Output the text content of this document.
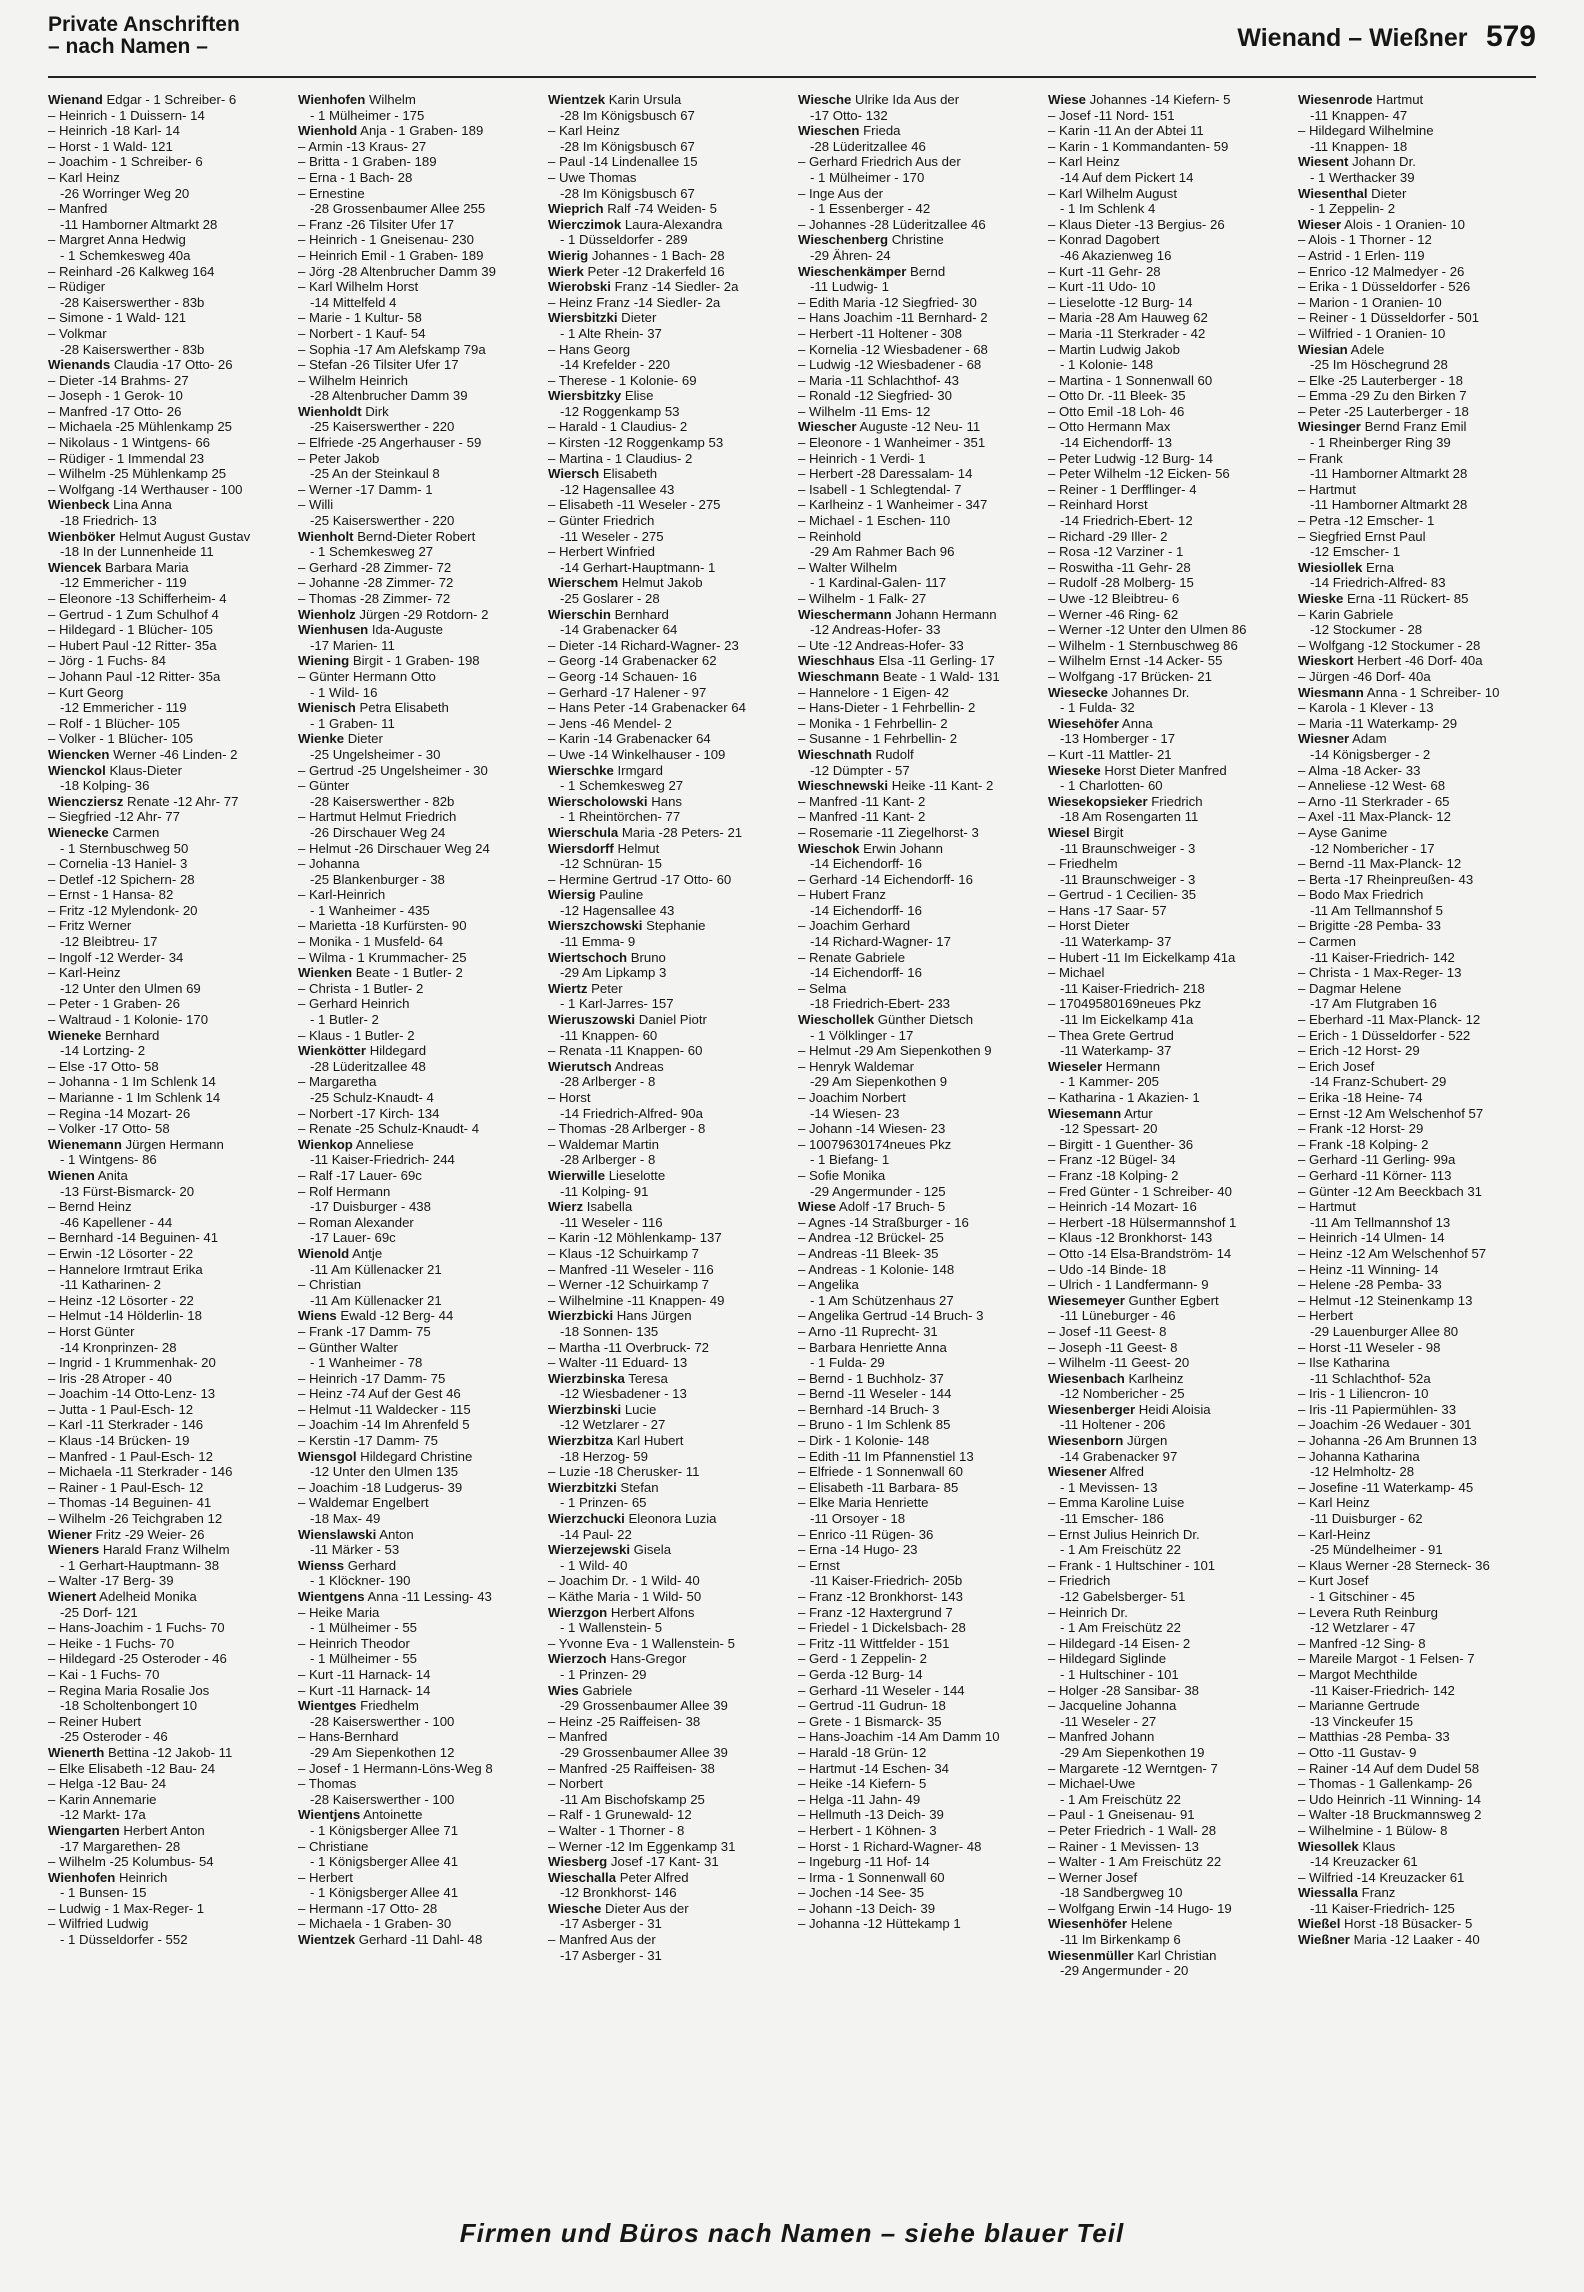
Private Anschriften
– nach Namen –	Wienand – Wießner 579
Wienand Edgar - 1 Schreiber- 6
– Heinrich - 1 Duissern- 14
– Heinrich -18 Karl- 14
– Horst - 1 Wald- 121
– Joachim - 1 Schreiber- 6
– Karl Heinz
-26 Worringer Weg 20
– Manfred
-11 Hamborner Altmarkt 28
– Margret Anna Hedwig
- 1 Schemkesweg 40a
– Reinhard -26 Kalkweg 164
– Rüdiger
-28 Kaiserswerther - 83b
– Simone - 1 Wald- 121
– Volkmar
-28 Kaiserswerther - 83b
Wienands Claudia -17 Otto- 26
– Dieter -14 Brahms- 27
– Joseph - 1 Gerok- 10
– Manfred -17 Otto- 26
– Michaela -25 Mühlenkamp 25
– Nikolaus - 1 Wintgens- 66
– Rüdiger - 1 Immendal 23
– Wilhelm -25 Mühlenkamp 25
– Wolfgang -14 Werthauser - 100
Wienbeck Lina Anna
-18 Friedrich- 13
Wienböker Helmut August Gustav
-18 In der Lunnenheide 11
Wiencek Barbara Maria
-12 Emmericher - 119
– Eleonore -13 Schifferheim- 4
– Gertrud - 1 Zum Schulhof 4
– Hildegard - 1 Blücher- 105
– Hubert Paul -12 Ritter- 35a
– Jörg - 1 Fuchs- 84
– Johann Paul -12 Ritter- 35a
– Kurt Georg
-12 Emmericher - 119
– Rolf - 1 Blücher- 105
– Volker - 1 Blücher- 105
Wiencken Werner -46 Linden- 2
Wienckol Klaus-Dieter
-18 Kolping- 36
Wiencziersz Renate -12 Ahr- 77
– Siegfried -12 Ahr- 77
Wienecke Carmen
- 1 Sternbuschweg 50
– Cornelia -13 Haniel- 3
– Detlef -12 Spichern- 28
– Ernst - 1 Hansa- 82
– Fritz -12 Mylendonk- 20
– Fritz Werner
-12 Bleibtreu- 17
– Ingolf -12 Werder- 34
– Karl-Heinz
-12 Unter den Ulmen 69
– Peter - 1 Graben- 26
– Waltraud - 1 Kolonie- 170
Wieneke Bernhard
-14 Lortzing- 2
– Else -17 Otto- 58
– Johanna - 1 Im Schlenk 14
– Marianne - 1 Im Schlenk 14
– Regina -14 Mozart- 26
– Volker -17 Otto- 58
Wienemann Jürgen Hermann
- 1 Wintgens- 86
Wienen Anita
-13 Fürst-Bismarck- 20
– Bernd Heinz
-46 Kapellener - 44
– Bernhard -14 Beguinen- 41
– Erwin -12 Lösorter - 22
– Hannelore Irmtraut Erika
-11 Katharinen- 2
– Heinz -12 Lösorter - 22
– Helmut -14 Hölderlin- 18
– Horst Günter
-14 Kronprinzen- 28
– Ingrid - 1 Krummenhak- 20
– Iris -28 Atroper - 40
– Joachim -14 Otto-Lenz- 13
– Jutta - 1 Paul-Esch- 12
– Karl -11 Sterkrader - 146
– Klaus -14 Brücken- 19
– Manfred - 1 Paul-Esch- 12
– Michaela -11 Sterkrader - 146
– Rainer - 1 Paul-Esch- 12
– Thomas -14 Beguinen- 41
– Wilhelm -26 Teichgraben 12
Wiener Fritz -29 Weier- 26
Wieners Harald Franz Wilhelm
- 1 Gerhart-Hauptmann- 38
– Walter -17 Berg- 39
Wienert Adelheid Monika
-25 Dorf- 121
– Hans-Joachim - 1 Fuchs- 70
– Heike - 1 Fuchs- 70
– Hildegard -25 Osteroder - 46
– Kai - 1 Fuchs- 70
– Regina Maria Rosalie Jos
-18 Scholtenbongert 10
– Reiner Hubert
-25 Osteroder - 46
Wienerth Bettina -12 Jakob- 11
– Elke Elisabeth -12 Bau- 24
– Helga -12 Bau- 24
– Karin Annemarie
-12 Markt- 17a
Wiengarten Herbert Anton
-17 Margarethen- 28
– Wilhelm -25 Kolumbus- 54
Wienhofen Heinrich
- 1 Bunsen- 15
– Ludwig - 1 Max-Reger- 1
– Wilfried Ludwig
- 1 Düsseldorfer - 552
Wienhofen Wilhelm
- 1 Mülheimer - 175
Wienhold Anja - 1 Graben- 189
– Armin -13 Kraus- 27
– Britta - 1 Graben- 189
– Erna - 1 Bach- 28
– Ernestine
-28 Grossenbaumer Allee 255
– Franz -26 Tilsiter Ufer 17
– Heinrich - 1 Gneisenau- 230
– Heinrich Emil - 1 Graben- 189
– Jörg -28 Altenbrucher Damm 39
– Karl Wilhelm Horst
-14 Mittelfeld 4
– Marie - 1 Kultur- 58
– Norbert - 1 Kauf- 54
– Sophia -17 Am Alefskamp 79a
– Stefan -26 Tilsiter Ufer 17
– Wilhelm Heinrich
-28 Altenbrucher Damm 39
Wienholdt Dirk
-25 Kaiserswerther - 220
– Elfriede -25 Angerhauser - 59
– Peter Jakob
-25 An der Steinkaul 8
– Werner -17 Damm- 1
– Willi
-25 Kaiserswerther - 220
Wienholt Bernd-Dieter Robert
- 1 Schemkesweg 27
– Gerhard -28 Zimmer- 72
– Johanne -28 Zimmer- 72
– Thomas -28 Zimmer- 72
Wienholz Jürgen -29 Rotdorn- 2
Wienhusen Ida-Auguste
-17 Marien- 11
Wiening Birgit - 1 Graben- 198
– Günter Hermann Otto
- 1 Wild- 16
Wienisch Petra Elisabeth
- 1 Graben- 11
Wienke Dieter
-25 Ungelsheimer - 30
– Gertrud -25 Ungelsheimer - 30
– Günter
-28 Kaiserswerther - 82b
– Hartmut Helmut Friedrich
-26 Dirschauer Weg 24
– Helmut -26 Dirschauer Weg 24
– Johanna
-25 Blankenburger - 38
– Karl-Heinrich
- 1 Wanheimer - 435
– Marietta -18 Kurfürsten- 90
– Monika - 1 Musfeld- 64
– Wilma - 1 Krummacher- 25
Wienken Beate - 1 Butler- 2
– Christa - 1 Butler- 2
– Gerhard Heinrich
- 1 Butler- 2
– Klaus - 1 Butler- 2
Wienkötter Hildegard
-28 Lüderitzallee 48
– Margaretha
-25 Schulz-Knaudt- 4
– Norbert -17 Kirch- 134
– Renate -25 Schulz-Knaudt- 4
Wienkop Anneliese
-11 Kaiser-Friedrich- 244
– Ralf -17 Lauer- 69c
– Rolf Hermann
-17 Duisburger - 438
– Roman Alexander
-17 Lauer- 69c
Wienold Antje
-11 Am Küllenacker 21
– Christian
-11 Am Küllenacker 21
Wiens Ewald -12 Berg- 44
– Frank -17 Damm- 75
– Günther Walter
- 1 Wanheimer - 78
– Heinrich -17 Damm- 75
– Heinz -74 Auf der Gest 46
– Helmut -11 Waldecker - 115
– Joachim -14 Im Ahrenfeld 5
– Kerstin -17 Damm- 75
Wiensgol Hildegard Christine
-12 Unter den Ulmen 135
– Joachim -18 Ludgerus- 39
– Waldemar Engelbert
-18 Max- 49
Wienslawski Anton
-11 Märker - 53
Wienss Gerhard
- 1 Klöckner- 190
Wientgens Anna -11 Lessing- 43
– Heike Maria
- 1 Mülheimer - 55
– Heinrich Theodor
- 1 Mülheimer - 55
– Kurt -11 Harnack- 14
– Kurt -11 Harnack- 14
Wientges Friedhelm
-28 Kaiserswerther - 100
– Hans-Bernhard
-29 Am Siepenkothen 12
– Josef - 1 Hermann-Löns-Weg 8
– Thomas
-28 Kaiserswerther - 100
Wientjens Antoinette
- 1 Königsberger Allee 71
– Christiane
- 1 Königsberger Allee 41
– Herbert
- 1 Königsberger Allee 41
– Hermann -17 Otto- 28
– Michaela - 1 Graben- 30
Wientzek Gerhard -11 Dahl- 48
Wientzek Karin Ursula
-28 Im Königsbusch 67
– Karl Heinz
-28 Im Königsbusch 67
– Paul -14 Lindenallee 15
– Uwe Thomas
-28 Im Königsbusch 67
Wieprich Ralf -74 Weiden- 5
Wierczimok Laura-Alexandra
- 1 Düsseldorfer - 289
Wierig Johannes - 1 Bach- 28
Wierk Peter -12 Drakerfeld 16
Wierobski Franz -14 Siedler- 2a
– Heinz Franz -14 Siedler- 2a
Wiersbitzki Dieter
- 1 Alte Rhein- 37
– Hans Georg
-14 Krefelder - 220
– Therese - 1 Kolonie- 69
Wiersbitzky Elise
-12 Roggenkamp 53
– Harald - 1 Claudius- 2
– Kirsten -12 Roggenkamp 53
– Martina - 1 Claudius- 2
Wiersch Elisabeth
-12 Hagensallee 43
– Elisabeth -11 Weseler - 275
– Günter Friedrich
-11 Weseler - 275
– Herbert Winfried
-14 Gerhart-Hauptmann- 1
Wierschem Helmut Jakob
-25 Goslarer - 28
Wierschin Bernhard
-14 Grabenacker 64
– Dieter -14 Richard-Wagner- 23
– Georg -14 Grabenacker 62
– Georg -14 Schauen- 16
– Gerhard -17 Halener - 97
– Hans Peter -14 Grabenacker 64
– Jens -46 Mendel- 2
– Karin -14 Grabenacker 64
– Uwe -14 Winkelhauser - 109
Wierschke Irmgard
- 1 Schemkesweg 27
Wierscholowski Hans
- 1 Rheintörchen- 77
Wierschula Maria -28 Peters- 21
Wiersdorff Helmut
-12 Schnüran- 15
– Hermine Gertrud -17 Otto- 60
Wiersig Pauline
-12 Hagensallee 43
Wierszchowski Stephanie
-11 Emma- 9
Wiertschoch Bruno
-29 Am Lipkamp 3
Wiertz Peter
- 1 Karl-Jarres- 157
Wieruszowski Daniel Piotr
-11 Knappen- 60
– Renata -11 Knappen- 60
Wierutsch Andreas
-28 Arlberger - 8
– Horst
-14 Friedrich-Alfred- 90a
– Thomas -28 Arlberger - 8
– Waldemar Martin
-28 Arlberger - 8
Wierwille Lieselotte
-11 Kolping- 91
Wierz Isabella
-11 Weseler - 116
– Karin -12 Möhlenkamp- 137
– Klaus -12 Schuirkamp 7
– Manfred -11 Weseler - 116
– Werner -12 Schuirkamp 7
– Wilhelmine -11 Knappen- 49
Wierzbicki Hans Jürgen
-18 Sonnen- 135
– Martha -11 Overbruck- 72
– Walter -11 Eduard- 13
Wierzbinska Teresa
-12 Wiesbadener - 13
Wierzbinski Lucie
-12 Wetzlarer - 27
Wierzbitza Karl Hubert
-18 Herzog- 59
– Luzie -18 Cherusker- 11
Wierzbitzki Stefan
- 1 Prinzen- 65
Wierzchucki Eleonora Luzia
-14 Paul- 22
Wierzejewski Gisela
- 1 Wild- 40
– Joachim Dr. - 1 Wild- 40
– Käthe Maria - 1 Wild- 50
Wierzgon Herbert Alfons
- 1 Wallenstein- 5
– Yvonne Eva - 1 Wallenstein- 5
Wierzoch Hans-Gregor
- 1 Prinzen- 29
Wies Gabriele
-29 Grossenbaumer Allee 39
– Heinz -25 Raiffeisen- 38
– Manfred
-29 Grossenbaumer Allee 39
– Manfred -25 Raiffeisen- 38
– Norbert
-11 Am Bischofskamp 25
– Ralf - 1 Grunewald- 12
– Walter - 1 Thorner - 8
– Werner -12 Im Eggenkamp 31
Wiesberg Josef -17 Kant- 31
Wieschalla Peter Alfred
-12 Bronkhorst- 146
Wiesche Dieter Aus der
-17 Asberger - 31
– Manfred Aus der
-17 Asberger - 31
Wiesche Ulrike Ida Aus der
-17 Otto- 132
Wieschen Frieda
-28 Lüderitzallee 46
– Gerhard Friedrich Aus der
- 1 Mülheimer - 170
– Inge Aus der
- 1 Essenberger - 42
– Johannes -28 Lüderitzallee 46
Wieschenberg Christine
-29 Ähren- 24
Wieschenkämper Bernd
-11 Ludwig- 1
– Edith Maria -12 Siegfried- 30
– Hans Joachim -11 Bernhard- 2
– Herbert -11 Holtener - 308
– Kornelia -12 Wiesbadener - 68
– Ludwig -12 Wiesbadener - 68
– Maria -11 Schlachthof- 43
– Ronald -12 Siegfried- 30
– Wilhelm -11 Ems- 12
Wiescher Auguste -12 Neu- 11
– Eleonore - 1 Wanheimer - 351
– Heinrich - 1 Verdi- 1
– Herbert -28 Daressalam- 14
– Isabell - 1 Schlegtendal- 7
– Karlheinz - 1 Wanheimer - 347
– Michael - 1 Eschen- 110
– Reinhold
-29 Am Rahmer Bach 96
– Walter Wilhelm
- 1 Kardinal-Galen- 117
– Wilhelm - 1 Falk- 27
Wieschermann Johann Hermann
-12 Andreas-Hofer- 33
– Ute -12 Andreas-Hofer- 33
Wieschhaus Elsa -11 Gerling- 17
Wieschmann Beate - 1 Wald- 131
– Hannelore - 1 Eigen- 42
– Hans-Dieter - 1 Fehrbellin- 2
– Monika - 1 Fehrbellin- 2
– Susanne - 1 Fehrbellin- 2
Wieschnath Rudolf
-12 Dümpter - 57
Wieschnewski Heike -11 Kant- 2
– Manfred -11 Kant- 2
– Manfred -11 Kant- 2
– Rosemarie -11 Ziegelhorst- 3
Wieschok Erwin Johann
-14 Eichendorff- 16
– Gerhard -14 Eichendorff- 16
– Hubert Franz
-14 Eichendorff- 16
– Joachim Gerhard
-14 Richard-Wagner- 17
– Renate Gabriele
-14 Eichendorff- 16
– Selma
-18 Friedrich-Ebert- 233
Wieschollek Günther Dietsch
- 1 Völklinger - 17
– Helmut -29 Am Siepenkothen 9
– Henryk Waldemar
-29 Am Siepenkothen 9
– Joachim Norbert
-14 Wiesen- 23
– Johann -14 Wiesen- 23
– 10079630174neues Pkz
- 1 Biefang- 1
– Sofie Monika
-29 Angermunder - 125
Wiese Adolf -17 Bruch- 5
– Agnes -14 Straßburger - 16
– Andrea -12 Brückel- 25
– Andreas -11 Bleek- 35
– Andreas - 1 Kolonie- 148
– Angelika
- 1 Am Schützenhaus 27
– Angelika Gertrud -14 Bruch- 3
– Arno -11 Ruprecht- 31
– Barbara Henriette Anna
- 1 Fulda- 29
– Bernd - 1 Buchholz- 37
– Bernd -11 Weseler - 144
– Bernhard -14 Bruch- 3
– Bruno - 1 Im Schlenk 85
– Dirk - 1 Kolonie- 148
– Edith -11 Im Pfannenstiel 13
– Elfriede - 1 Sonnenwall 60
– Elisabeth -11 Barbara- 85
– Elke Maria Henriette
-11 Orsoyer - 18
– Enrico -11 Rügen- 36
– Erna -14 Hugo- 23
– Ernst
-11 Kaiser-Friedrich- 205b
– Franz -12 Bronkhorst- 143
– Franz -12 Haxtergrund 7
– Friedel - 1 Dickelsbach- 28
– Fritz -11 Wittfelder - 151
– Gerd - 1 Zeppelin- 2
– Gerda -12 Burg- 14
– Gerhard -11 Weseler - 144
– Gertrud -11 Gudrun- 18
– Grete - 1 Bismarck- 35
– Hans-Joachim -14 Am Damm 10
– Harald -18 Grün- 12
– Hartmut -14 Eschen- 34
– Heike -14 Kiefern- 5
– Helga -11 Jahn- 49
– Hellmuth -13 Deich- 39
– Herbert - 1 Köhnen- 3
– Horst - 1 Richard-Wagner- 48
– Ingeburg -11 Hof- 14
– Irma - 1 Sonnenwall 60
– Jochen -14 See- 35
– Johann -13 Deich- 39
– Johanna -12 Hüttekamp 1
Wiese Johannes -14 Kiefern- 5
– Josef -11 Nord- 151
– Karin -11 An der Abtei 11
– Karin - 1 Kommandanten- 59
– Karl Heinz
-14 Auf dem Pickert 14
– Karl Wilhelm August
- 1 Im Schlenk 4
– Klaus Dieter -13 Bergius- 26
– Konrad Dagobert
-46 Akazienweg 16
– Kurt -11 Gehr- 28
– Kurt -11 Udo- 10
– Lieselotte -12 Burg- 14
– Maria -28 Am Hauweg 62
– Maria -11 Sterkrader - 42
– Martin Ludwig Jakob
- 1 Kolonie- 148
– Martina - 1 Sonnenwall 60
– Otto Dr. -11 Bleek- 35
– Otto Emil -18 Loh- 46
– Otto Hermann Max
-14 Eichendorff- 13
– Peter Ludwig -12 Burg- 14
– Peter Wilhelm -12 Eicken- 56
– Reiner - 1 Derfflinger- 4
– Reinhard Horst
-14 Friedrich-Ebert- 12
– Richard -29 Iller- 2
– Rosa -12 Varziner - 1
– Roswitha -11 Gehr- 28
– Rudolf -28 Molberg- 15
– Uwe -12 Bleibtreu- 6
– Werner -46 Ring- 62
– Werner -12 Unter den Ulmen 86
– Wilhelm - 1 Sternbuschweg 86
– Wilhelm Ernst -14 Acker- 55
– Wolfgang -17 Brücken- 21
Wiesecke Johannes Dr.
- 1 Fulda- 32
Wiesehöfer Anna
-13 Homberger - 17
– Kurt -11 Mattler- 21
Wieseke Horst Dieter Manfred
- 1 Charlotten- 60
Wiesekopsieker Friedrich
-18 Am Rosengarten 11
Wiesel Birgit
-11 Braunschweiger - 3
– Friedhelm
-11 Braunschweiger - 3
– Gertrud - 1 Cecilien- 35
– Hans -17 Saar- 57
– Horst Dieter
-11 Waterkamp- 37
– Hubert -11 Im Eickelkamp 41a
– Michael
-11 Kaiser-Friedrich- 218
– 17049580169neues Pkz
-11 Im Eickelkamp 41a
– Thea Grete Gertrud
-11 Waterkamp- 37
Wieseler Hermann
- 1 Kammer- 205
– Katharina - 1 Akazien- 1
Wiesemann Artur
-12 Spessart- 20
– Birgitt - 1 Guenther- 36
– Franz -12 Bügel- 34
– Franz -18 Kolping- 2
– Fred Günter - 1 Schreiber- 40
– Heinrich -14 Mozart- 16
– Herbert -18 Hülsermannshof 1
– Klaus -12 Bronkhorst- 143
– Otto -14 Elsa-Brandström- 14
– Udo -14 Binde- 18
– Ulrich - 1 Landfermann- 9
Wiesemeyer Gunther Egbert
-11 Lüneburger - 46
– Josef -11 Geest- 8
– Joseph -11 Geest- 8
– Wilhelm -11 Geest- 20
Wiesenbach Karlheinz
-12 Nombericher - 25
Wiesenberger Heidi Aloisia
-11 Holtener - 206
Wiesenborn Jürgen
-14 Grabenacker 97
Wiesener Alfred
- 1 Mevissen- 13
– Emma Karoline Luise
-11 Emscher- 186
– Ernst Julius Heinrich Dr.
- 1 Am Freischütz 22
– Frank - 1 Hultschiner - 101
– Friedrich
-12 Gabelsberger- 51
– Heinrich Dr.
- 1 Am Freischütz 22
– Hildegard -14 Eisen- 2
– Hildegard Siglinde
- 1 Hultschiner - 101
– Holger -28 Sansibar- 38
– Jacqueline Johanna
-11 Weseler - 27
– Manfred Johann
-29 Am Siepenkothen 19
– Margarete -12 Werntgen- 7
– Michael-Uwe
- 1 Am Freischütz 22
– Paul - 1 Gneisenau- 91
– Peter Friedrich - 1 Wall- 28
– Rainer - 1 Mevissen- 13
– Walter - 1 Am Freischütz 22
– Werner Josef
-18 Sandbergweg 10
– Wolfgang Erwin -14 Hugo- 19
Wiesenhöfer Helene
-11 Im Birkenkamp 6
Wiesenmüller Karl Christian
-29 Angermunder - 20
Wiesenrode Hartmut
-11 Knappen- 47
– Hildegard Wilhelmine
-11 Knappen- 18
Wiesent Johann Dr.
- 1 Werthacker 39
Wiesenthal Dieter
- 1 Zeppelin- 2
Wieser Alois - 1 Oranien- 10
– Alois - 1 Thorner - 12
– Astrid - 1 Erlen- 119
– Enrico -12 Malmedyer - 26
– Erika - 1 Düsseldorfer - 526
– Marion - 1 Oranien- 10
– Reiner - 1 Düsseldorfer - 501
– Wilfried - 1 Oranien- 10
Wiesian Adele
-25 Im Höschegrund 28
– Elke -25 Lauterberger - 18
– Emma -29 Zu den Birken 7
– Peter -25 Lauterberger - 18
Wiesinger Bernd Franz Emil
- 1 Rheinberger Ring 39
– Frank
-11 Hamborner Altmarkt 28
– Hartmut
-11 Hamborner Altmarkt 28
– Petra -12 Emscher- 1
– Siegfried Ernst Paul
-12 Emscher- 1
Wiesiollek Erna
-14 Friedrich-Alfred- 83
Wieske Erna -11 Rückert- 85
– Karin Gabriele
-12 Stockumer - 28
– Wolfgang -12 Stockumer - 28
Wieskort Herbert -46 Dorf- 40a
– Jürgen -46 Dorf- 40a
Wiesmann Anna - 1 Schreiber- 10
– Karola - 1 Klever - 13
– Maria -11 Waterkamp- 29
Wiesner Adam
-14 Königsberger - 2
– Alma -18 Acker- 33
– Anneliese -12 West- 68
– Arno -11 Sterkrader - 65
– Axel -11 Max-Planck- 12
– Ayse Ganime
-12 Nombericher - 17
– Bernd -11 Max-Planck- 12
– Berta -17 Rheinpreußen- 43
– Bodo Max Friedrich
-11 Am Tellmannshof 5
– Brigitte -28 Pemba- 33
– Carmen
-11 Kaiser-Friedrich- 142
– Christa - 1 Max-Reger- 13
– Dagmar Helene
-17 Am Flutgraben 16
– Eberhard -11 Max-Planck- 12
– Erich - 1 Düsseldorfer - 522
– Erich -12 Horst- 29
– Erich Josef
-14 Franz-Schubert- 29
– Erika -18 Heine- 74
– Ernst -12 Am Welschenhof 57
– Frank -12 Horst- 29
– Frank -18 Kolping- 2
– Gerhard -11 Gerling- 99a
– Gerhard -11 Körner- 113
– Günter -12 Am Beeckbach 31
– Hartmut
-11 Am Tellmannshof 13
– Heinrich -14 Ulmen- 14
– Heinz -12 Am Welschenhof 57
– Heinz -11 Winning- 14
– Helene -28 Pemba- 33
– Helmut -12 Steinenkamp 13
– Herbert
-29 Lauenburger Allee 80
– Horst -11 Weseler - 98
– Ilse Katharina
-11 Schlachthof- 52a
– Iris - 1 Liliencron- 10
– Iris -11 Papiermühlen- 33
– Joachim -26 Wedauer - 301
– Johanna -26 Am Brunnen 13
– Johanna Katharina
-12 Helmholtz- 28
– Josefine -11 Waterkamp- 45
– Karl Heinz
-11 Duisburger - 62
– Karl-Heinz
-25 Mündelheimer - 91
– Klaus Werner -28 Sterneck- 36
– Kurt Josef
- 1 Gitschiner - 45
– Levera Ruth Reinburg
-12 Wetzlarer - 47
– Manfred -12 Sing- 8
– Mareile Margot - 1 Felsen- 7
– Margot Mechthilde
-11 Kaiser-Friedrich- 142
– Marianne Gertrude
-13 Vinckeufer 15
– Matthias -28 Pemba- 33
– Otto -11 Gustav- 9
– Rainer -14 Auf dem Dudel 58
– Thomas - 1 Gallenkamp- 26
– Udo Heinrich -11 Winning- 14
– Walter -18 Bruckmannsweg 2
– Wilhelmine - 1 Bülow- 8
Wiesollek Klaus
-14 Kreuzacker 61
– Wilfried -14 Kreuzacker 61
Wiessalla Franz
-11 Kaiser-Friedrich- 125
Wießel Horst -18 Büsacker- 5
Wießner Maria -12 Laaker - 40
Firmen und Büros nach Namen – siehe blauer Teil
